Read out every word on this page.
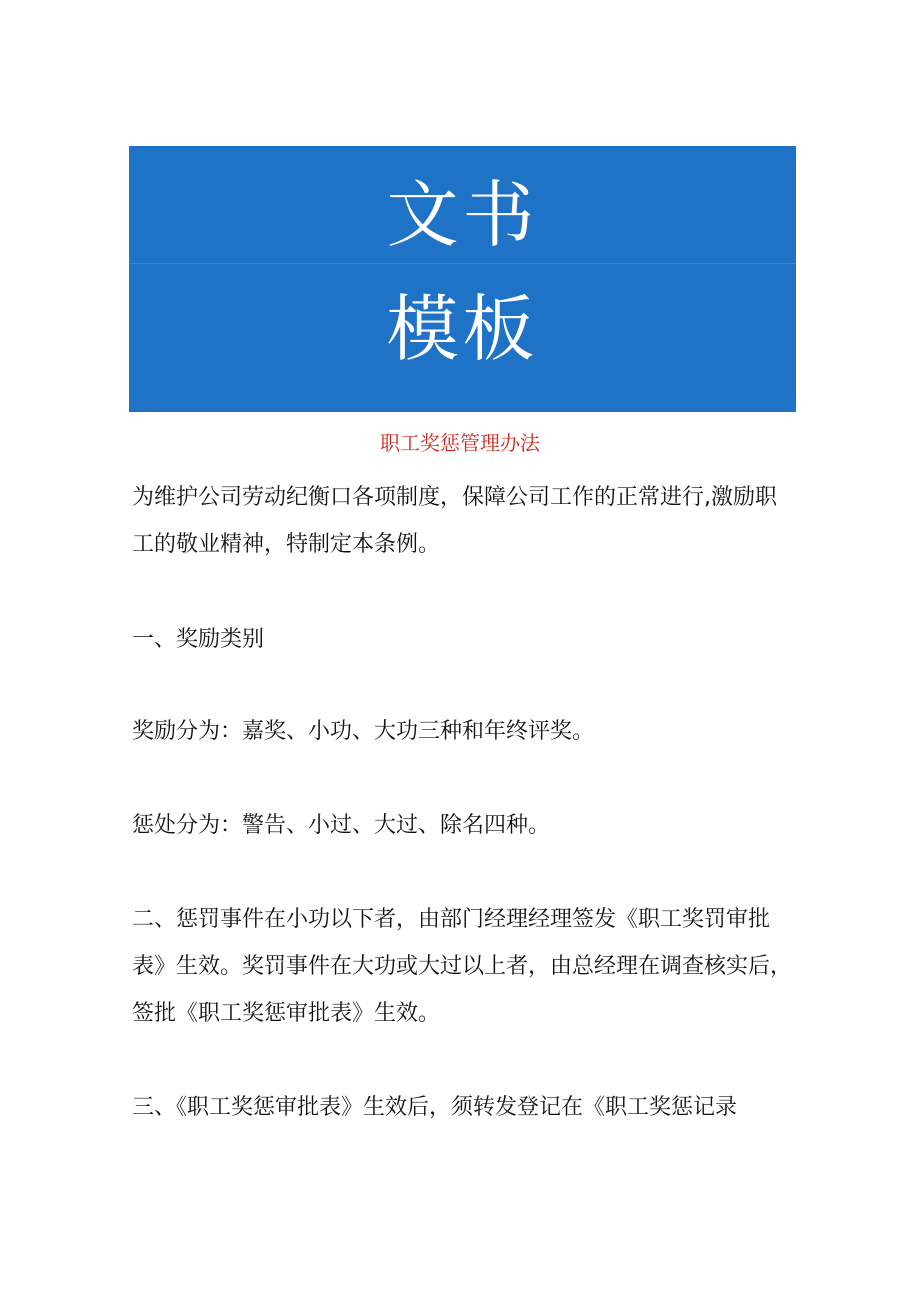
文书
模板
职工奖惩管理办法

为维护公司劳动纪衡口各项制度，保障公司工作的正常进行,激励职工的敬业精神，特制定本条例。

一、奖励类别

奖励分为：嘉奖、小功、大功三种和年终评奖。

惩处分为：警告、小过、大过、除名四种。

二、惩罚事件在小功以下者，由部门经理经理签发《职工奖罚审批表》生效。奖罚事件在大功或大过以上者，由总经理在调查核实后，签批《职工奖惩审批表》生效。

三、《职工奖惩审批表》生效后，须转发登记在《职工奖惩记录
